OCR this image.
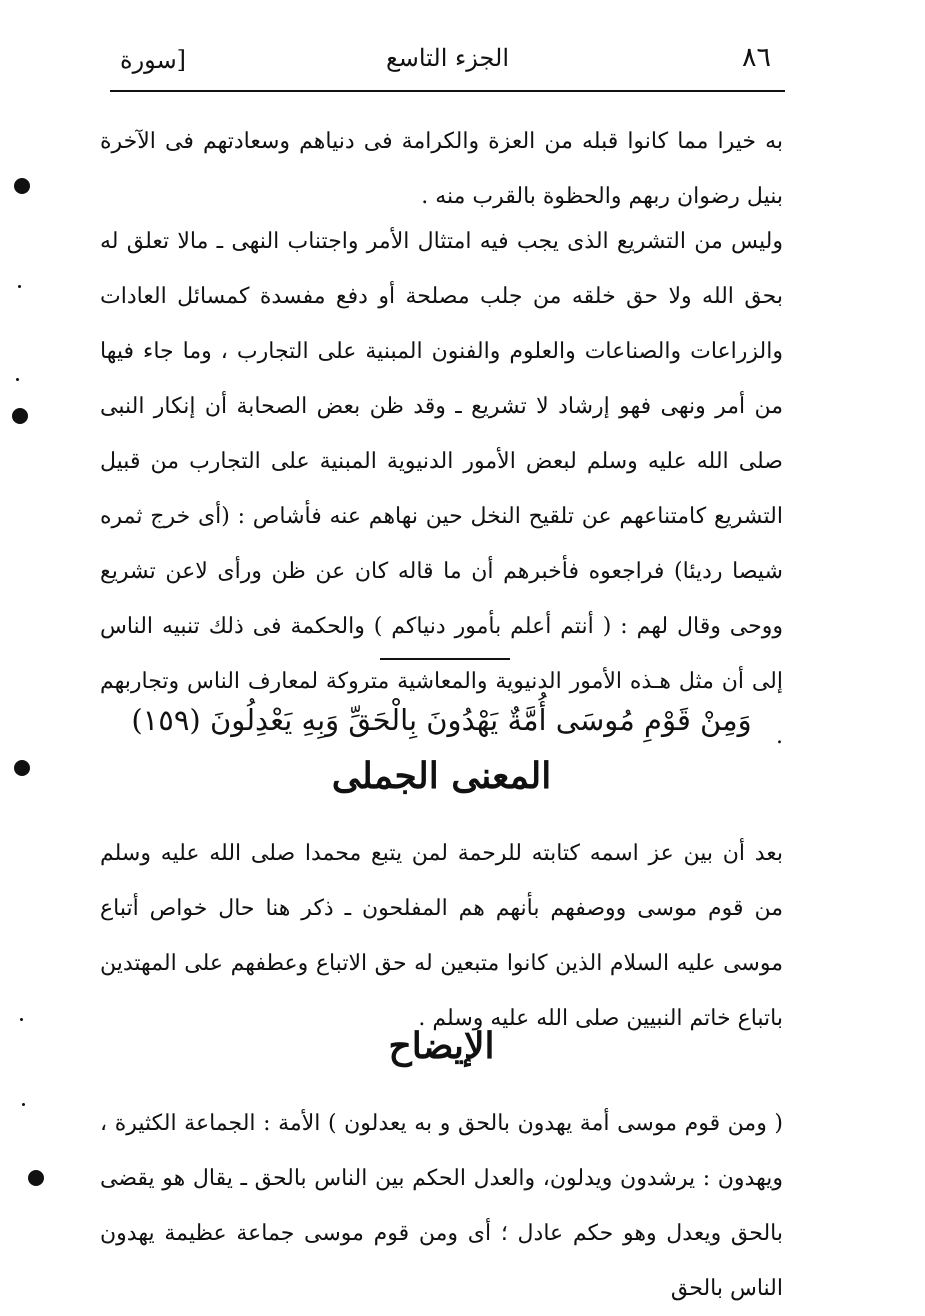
٨٦
الجزء التاسع
[سورة

به خيرا مما كانوا قبله من العزة والكرامة فى دنياهم وسعادتهم فى الآخرة بنيل رضوان ربهم والحظوة بالقرب منه .

وليس من التشريع الذى يجب فيه امتثال الأمر واجتناب النهى ـ مالا تعلق له بحق الله ولا حق خلقه من جلب مصلحة أو دفع مفسدة كمسائل العادات والزراعات والصناعات والعلوم والفنون المبنية على التجارب ، وما جاء فيها من أمر ونهى فهو إرشاد لا تشريع ـ وقد ظن بعض الصحابة أن إنكار النبى صلى الله عليه وسلم لبعض الأمور الدنيوية المبنية على التجارب من قبيل التشريع كامتناعهم عن تلقيح النخل حين نهاهم عنه فأشاص : (أى خرج ثمره شيصا رديئا) فراجعوه فأخبرهم أن ما قاله كان عن ظن ورأى لاعن تشريع ووحى وقال لهم : ( أنتم أعلم بأمور دنياكم ) والحكمة فى ذلك تنبيه الناس إلى أن مثل هـذه الأمور الدنيوية والمعاشية متروكة لمعارف الناس وتجاربهم .

وَمِنْ قَوْمِ مُوسَى أُمَّةٌ يَهْدُونَ بِالْحَقِّ وَبِهِ يَعْدِلُونَ (١٥٩)
المعنى الجملى

بعد أن بين عز اسمه كتابته للرحمة لمن يتبع محمدا صلى الله عليه وسلم من قوم موسى ووصفهم بأنهم هم المفلحون ـ ذكر هنا حال خواص أتباع موسى عليه السلام الذين كانوا متبعين له حق الاتباع وعطفهم على المهتدين باتباع خاتم النبيين صلى الله عليه وسلم .

الإيضاح

( ومن قوم موسى أمة يهدون بالحق و به يعدلون ) الأمة : الجماعة الكثيرة ، ويهدون : يرشدون ويدلون، والعدل الحكم بين الناس بالحق ـ يقال هو يقضى بالحق ويعدل وهو حكم عادل ؛ أى ومن قوم موسى جماعة عظيمة يهدون الناس بالحق
